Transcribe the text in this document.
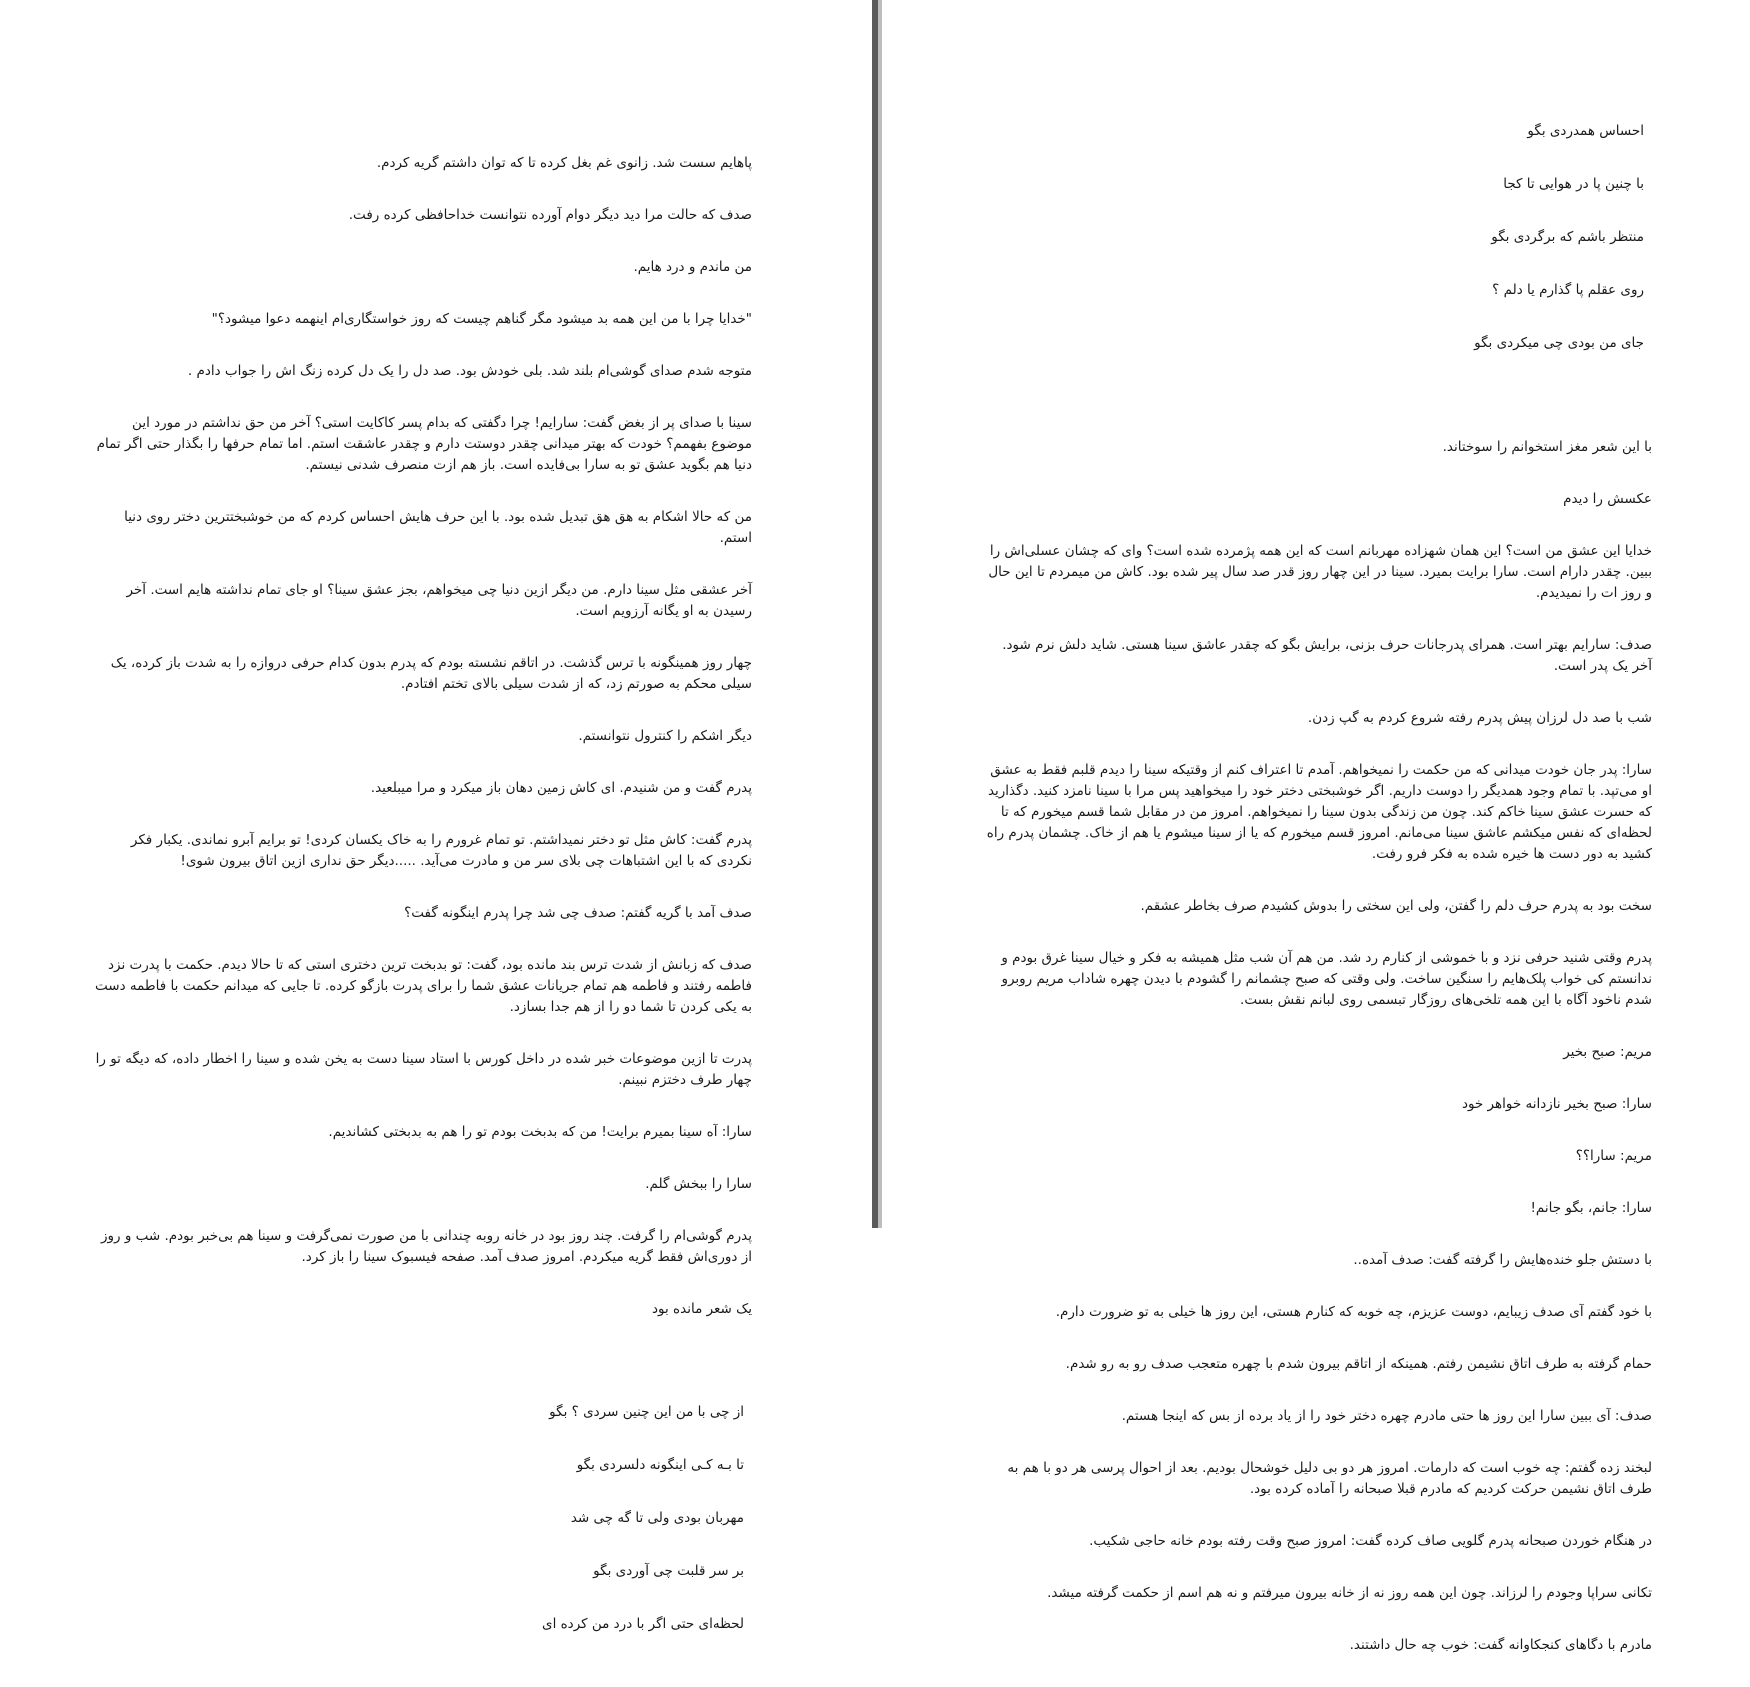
پاهایم سست شد. زانوی غم بغل کرده تا که توان داشتم گریه کردم.

صدف که حالت مرا دید دیگر دوام آورده نتوانست خداحافظی کرده رفت.

من ماندم و درد هایم.

"خدایا چرا با من این همه بد میشود مگر گناهم چیست که روز خواستگاری‌ام اینهمه دعوا میشود؟"

متوجه شدم صدای گوشی‌ام بلند شد. بلی خودش بود. صد دل را یک دل کرده زنگ اش را جواب دادم .

سینا با صدای پر از بغض گفت: سارایم! چرا دگفتی که بدام پسر کاکایت استی؟ آخر من حق نداشتم در مورد این موضوع بفهمم؟ خودت که بهتر میدانی چقدر دوستت دارم و چقدر عاشقت استم. اما تمام حرفها را بگذار حتی اگر تمام دنیا هم بگوید عشق تو به سارا بی‌فایده است. باز هم ازت منصرف شدنی نیستم.

من که حالا اشکام به هق هق تبدیل شده بود. با این حرف هایش احساس کردم که من خوشبختترین دختر روی دنیا استم.

آخر عشقی مثل سینا دارم. من دیگر ازین دنیا چی میخواهم، بجز عشق سینا؟ او جای تمام نداشته هایم است. آخر رسیدن به او یگانه آرزویم است.

چهار روز همینگونه با ترس گذشت. در اتاقم نشسته بودم که پدرم بدون کدام حرفی دروازه را به شدت باز کرده، یک سیلی محکم به صورتم زد، که از شدت سیلی بالای تختم افتادم.

دیگر اشکم را کنترول نتوانستم.

پدرم گفت و من شنیدم. ای کاش زمین دهان باز میکرد و مرا میبلعید.

پدرم گفت: کاش مثل تو دختر نمیداشتم. تو تمام غرورم را به خاک یکسان کردی! تو برایم آبرو نماندی. یکبار فکر نکردی که با این اشتباهات چی بلای سر من و مادرت می‌آید. .....دیگر حق نداری ازین اتاق بیرون شوی!

صدف آمد با گریه گفتم: صدف چی شد چرا پدرم اینگونه گفت؟

صدف که زبانش از شدت ترس بند مانده بود، گفت: تو بدبخت ترین دختری استی که تا حالا دیدم. حکمت با پدرت نزد فاطمه رفتند و فاطمه هم تمام جریانات عشق شما را برای پدرت بازگو کرده. تا جایی که میدانم حکمت با فاطمه دست به یکی کردن تا شما دو را از هم جدا بسازد.

پدرت تا ازین موضوعات خبر شده در داخل کورس با استاد سینا دست به یخن شده و سینا را اخطار داده، که دیگه تو را چهار طرف دختزم نبینم.

سارا: آه سینا بمیرم برایت! من که بدبخت بودم تو را هم به بدبختی کشاندیم.

سارا را ببخش گلم.

پدرم گوشی‌ام را گرفت. چند روز بود در خانه روبه چندانی با من صورت نمی‌گرفت و سینا هم بی‌خبر بودم. شب و روز از دوری‌اش فقط گریه میکردم. امروز صدف آمد. صفحه فیسبوک سینا را باز کرد.

یک شعر مانده بود

از چی با من این چنین سردی ؟ بگو

تا بـه کـی اینگونه دلسردی بگو

مهربان بودی ولی تا گه چی شد

بر سر قلبت چی آوردی بگو

لحظه‌ای حتی اگر با درد من کرده ای

احساس همدردی بگو

با چنین پا در هوایی تا کجا

منتظر باشم که برگردی بگو

روی عقلم پا گذارم یا دلم ؟

جای من بودی چی میکردی بگو

با این شعر مغز استخوانم را سوختاند.

عکسش را دیدم

خدایا این عشق من است؟ این همان شهزاده مهربانم است که این همه پژمرده شده است؟ وای که چشان عسلی‌اش را ببین. چقدر دارام است. سارا برایت بمیرد. سینا در این چهار روز قدر صد سال پیر شده بود. کاش من میمردم تا این حال و روز ات را نمیدیدم.

صدف: سارایم بهتر است. همرای پدرجانات حرف بزنی، برایش بگو که چقدر عاشق سینا هستی. شاید دلش نرم شود. آخر یک پدر است.

شب با صد دل لرزان پیش پدرم رفته شروع کردم به گپ زدن.

سارا: پدر جان خودت میدانی که من حکمت را نمیخواهم. آمدم تا اعتراف کنم از وقتیکه سینا را دیدم قلبم فقط به عشق او می‌تپد. با تمام وجود همدیگر را دوست داریم. اگر خوشبختی دختر خود را میخواهید پس مرا با سینا نامزد کنید. دگذارید که حسرت عشق سینا خاکم کند. چون من زندگی بدون سینا را نمیخواهم. امروز من در مقابل شما قسم میخورم که تا لحظه‌ای که نفس میکشم عاشق سینا می‌مانم. امروز قسم میخورم که یا از سینا میشوم یا هم از خاک. چشمان پدرم راه کشید به دور دست ها خیره شده به فکر فرو رفت.

سخت بود به پدرم حرف دلم را گفتن، ولی این سختی را بدوش کشیدم صرف بخاطر عشقم.

پدرم وقتی شنید حرفی نزد و با خموشی از کنارم رد شد. من هم آن شب مثل همیشه به فکر و خیال سینا غرق بودم و ندانستم کی خواب پلک‌هایم را سنگین ساخت. ولی وقتی که صبح چشمانم را گشودم با دیدن چهره شاداب مریم روبرو شدم ناخود آگاه با این همه تلخی‌های روزگار تبسمی روی لبانم نقش بست.

مریم: صبح بخیر

سارا: صبح بخیر نازدانه خواهر خود

مریم: سارا؟؟

سارا: جانم، بگو جانم!

با دستش جلو خنده‌هایش را گرفته گفت: صدف آمده..

با خود گفتم آی صدف زیبایم، دوست عزیزم، چه خوبه که کنارم هستی، این روز ها خیلی به تو ضرورت دارم.

حمام گرفته به طرف اتاق نشیمن رفتم. همینکه از اتاقم بیرون شدم با چهره متعجب صدف رو به رو شدم.

صدف: آی ببین سارا این روز ها حتی مادرم چهره دختر خود را از یاد برده از بس که اینجا هستم.

لبخند زده گفتم: چه خوب است که دارمات. امروز هر دو بی دلیل خوشحال بودیم. بعد از احوال پرسی هر دو با هم به طرف اتاق نشیمن حرکت کردیم که مادرم قبلا صبحانه را آماده کرده بود.

در هنگام خوردن صبحانه پدرم گلویی صاف کرده گفت: امروز صبح وقت رفته بودم خانه حاجی شکیب.

تکانی سراپا وجودم را لرزاند. چون این همه روز نه از خانه بیرون میرفتم و نه هم اسم از حکمت گرفته میشد.

مادرم با دگاهای کنجکاوانه گفت: خوب چه حال داشتند.
